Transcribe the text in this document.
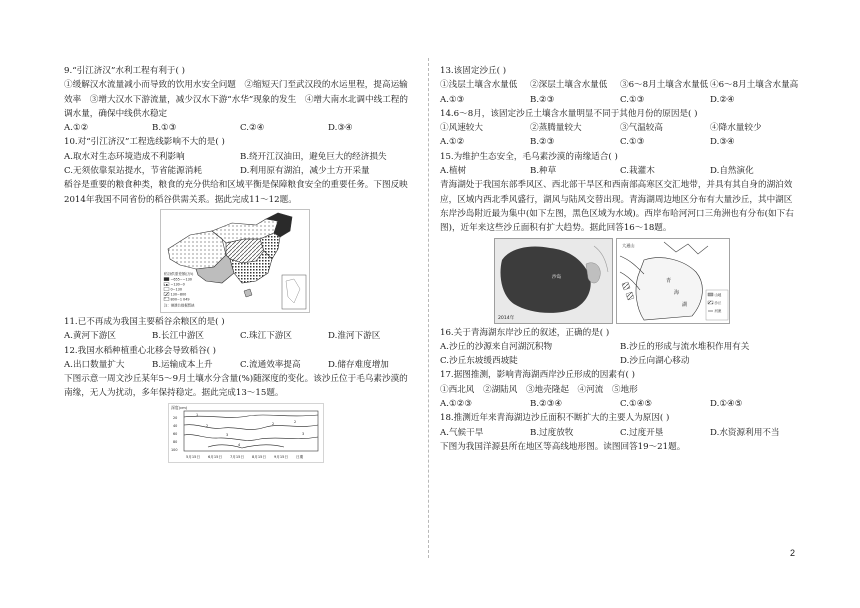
9.“引江济汉”水利工程有利于( )
①缓解汉水流量减小而导致的饮用水安全问题　②缩短天门至武汉段的水运里程，提高运输效率　③增大汉水下游流量，减少汉水下游“水华”现象的发生　④增大南水北调中线工程的调水量，确保中线供水稳定
A.①②	B.①③	C.②④	D.③④
10.对“引江济汉”工程选线影响不大的是( )
A.取水对生态环境造成不利影响	B.绕开江汉油田，避免巨大的经济损失
C.无须依靠泵站提水，节省能源消耗	D.利用原有湖泊，减少土方开采量
稻谷是重要的粮食种类，粮食的充分供给和区域平衡是保障粮食安全的重要任务。下图反映2014年我国不同省份的稻谷供需关系。据此完成11～12题。
稻谷供需差额(万t)
−655~−130
−130~0
0~130
130~800
800~1 049
注：港澳台数据暂缺
11.已不再成为我国主要稻谷余粮区的是( )
A.黄河下游区	B.长江中游区	C.珠江下游区	D.淮河下游区
12.我国水稻种植重心北移会导致稻谷( )
A.出口数量扩大	B.运输成本上升	C.流通效率提高	D.储存难度增加
下图示意一周文沙丘某年5～9月土壤水分含量(%)随深度的变化。该沙丘位于毛乌素沙漠的南缘，无人为扰动，多年保持稳定。据此完成13～15题。
深度(cm)
20
40
60
80
100
1
2
3
4
2	2
3
5月15日 6月15日 7月15日 8月15日 9月15日 日期
13.该固定沙丘( )
①浅层土壤含水量低	②深层土壤含水量低	③6～8月土壤含水量低 ④6～8月土壤含水量高
A.①③	B.②③	C.①③	D.②④
14.6～8月，该固定沙丘土壤含水量明显不同于其他月份的原因是( )
①风速较大	②蒸腾量较大	③气温较高	④降水量较少
A.①②	B.②③	C.①③	D.③④
15.为维护生态安全，毛乌素沙漠的南缘适合( )
A.植树	B.种草	C.栽灌木	D.自然演化
青海湖处于我国东部季风区、西北部干旱区和西南部高寒区交汇地带，并具有其自身的湖泊效应，区域内西北季风盛行，湖风与陆风交替出现。青海湖周边地区分布有大量沙丘，其中湖区东岸沙岛附近最为集中(如下左图，黑色区域为水域)。西岸布哈河河口三角洲也有分布(如下右图)，近年来这些沙丘面积有扩大趋势。据此回答16～18题。
沙岛
2014年
大通山
青
海
湖
山地
沙丘
河流
16.关于青海湖东岸沙丘的叙述，正确的是( )
A.沙丘的沙源来自河湖沉积物	B.沙丘的形成与流水堆积作用有关
C.沙丘东坡缓西坡陡	D.沙丘向湖心移动
17.据图推测，影响青海湖西岸沙丘形成的因素有( )
①西北风　②湖陆风　③地壳隆起　④河流　⑤地形
A.①②③	B.②③④	C.①④⑤	D.①④⑤
18.推测近年来青海湖边沙丘面积不断扩大的主要人为原因( )
A.气候干旱	B.过度放牧	C.过度开垦	D.水资源利用不当
下图为我国洋源县所在地区等高线地形图。读图回答19～21题。
2
